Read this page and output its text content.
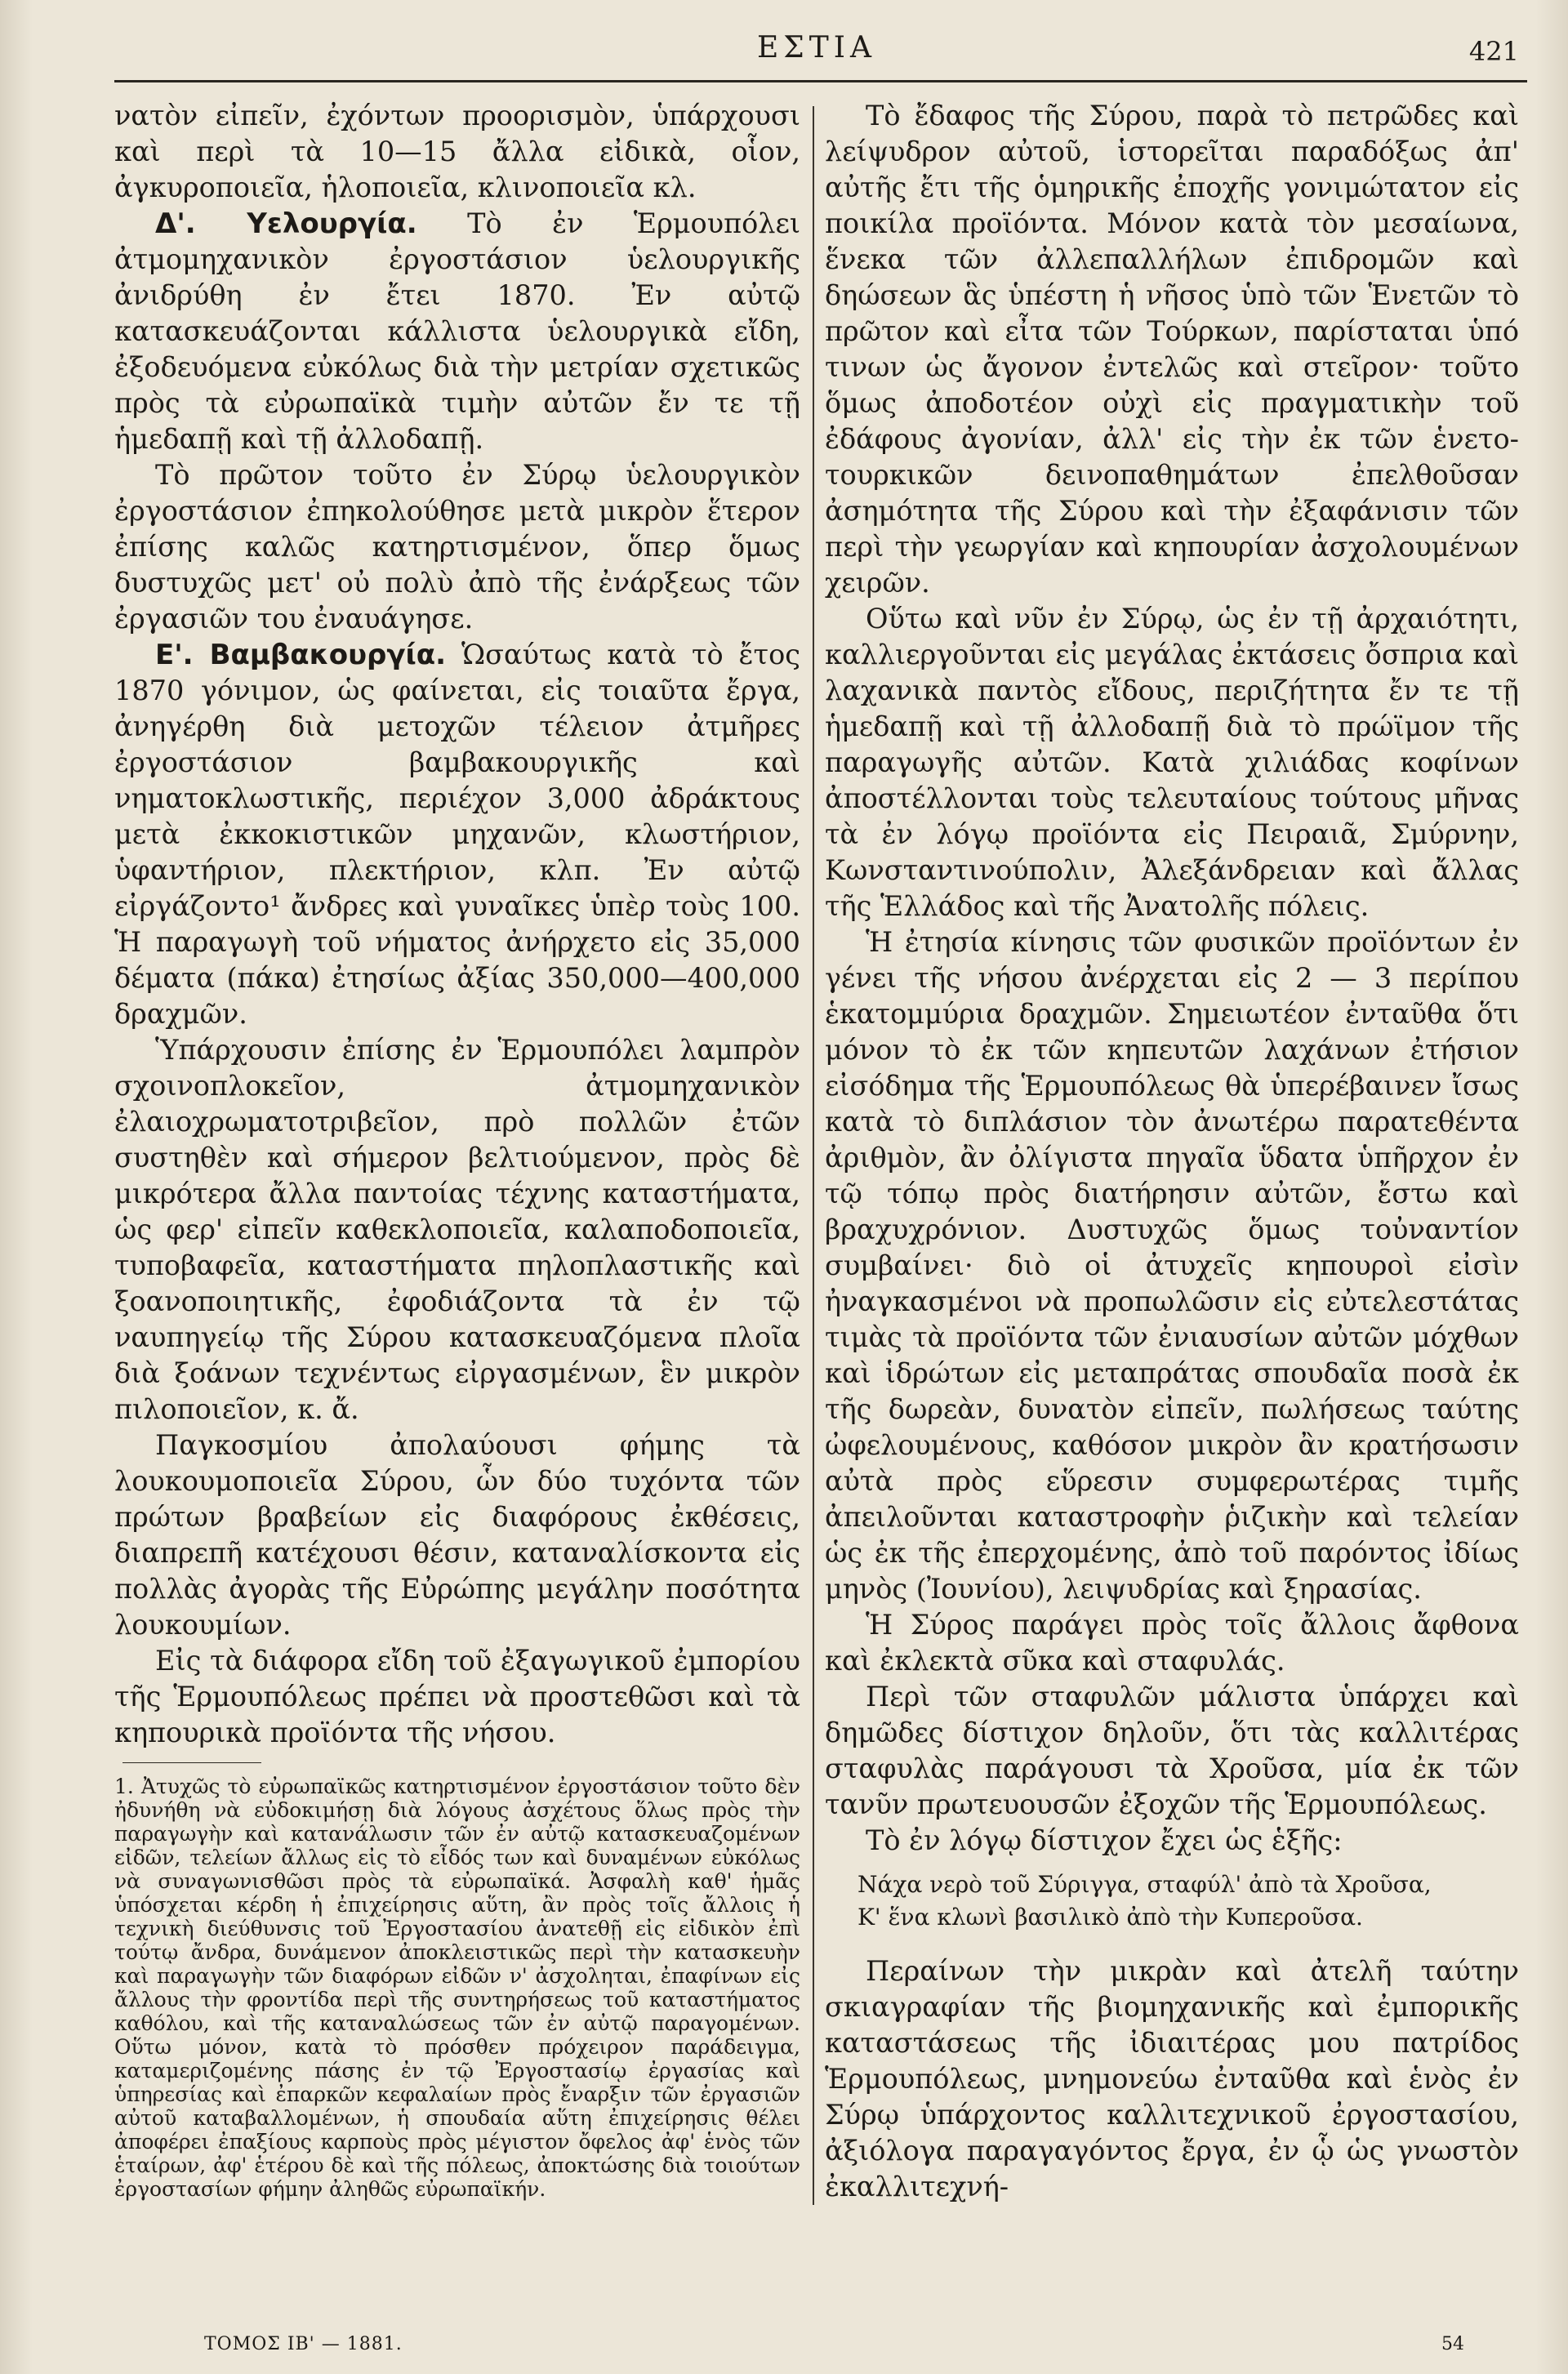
ΕΣΤΙΑ	421

νατὸν εἰπεῖν, ἐχόντων προορισμὸν, ὑπάρχουσι καὶ περὶ τὰ 10—15 ἄλλα εἰδικὰ, οἷον, ἀγκυροποιεῖα, ἡλοποιεῖα, κλινοποιεῖα κλ.

Δ'. Υελουργία. Τὸ ἐν Ἑρμουπόλει ἀτμομηχανικὸν ἐργοστάσιον ὑελουργικῆς ἀνιδρύθη ἐν ἔτει 1870. Ἐν αὐτῷ κατασκευάζονται κάλλιστα ὑελουργικὰ εἴδη, ἐξοδευόμενα εὐκόλως διὰ τὴν μετρίαν σχετικῶς πρὸς τὰ εὐρωπαϊκὰ τιμὴν αὐτῶν ἔν τε τῇ ἡμεδαπῇ καὶ τῇ ἀλλοδαπῇ.

Τὸ πρῶτον τοῦτο ἐν Σύρῳ ὑελουργικὸν ἐργοστάσιον ἐπηκολούθησε μετὰ μικρὸν ἕτερον ἐπίσης καλῶς κατηρτισμένον, ὅπερ ὅμως δυστυχῶς μετ' οὐ πολὺ ἀπὸ τῆς ἐνάρξεως τῶν ἐργασιῶν του ἐναυάγησε.

Ε'. Βαμβακουργία. Ὡσαύτως κατὰ τὸ ἔτος 1870 γόνιμον, ὡς φαίνεται, εἰς τοιαῦτα ἔργα, ἀνηγέρθη διὰ μετοχῶν τέλειον ἀτμῆρες ἐργοστάσιον βαμβακουργικῆς καὶ νηματοκλωστικῆς, περιέχον 3,000 ἀδράκτους μετὰ ἐκκοκιστικῶν μηχανῶν, κλωστήριον, ὑφαντήριον, πλεκτήριον, κλπ. Ἐν αὐτῷ εἰργάζοντο¹ ἄνδρες καὶ γυναῖκες ὑπὲρ τοὺς 100. Ἡ παραγωγὴ τοῦ νήματος ἀνήρχετο εἰς 35,000 δέματα (πάκα) ἐτησίως ἀξίας 350,000—400,000 δραχμῶν.

Ὑπάρχουσιν ἐπίσης ἐν Ἑρμουπόλει λαμπρὸν σχοινοπλοκεῖον, ἀτμομηχανικὸν ἐλαιοχρωματοτριβεῖον, πρὸ πολλῶν ἐτῶν συστηθὲν καὶ σήμερον βελτιούμενον, πρὸς δὲ μικρότερα ἄλλα παντοίας τέχνης καταστήματα, ὡς φερ' εἰπεῖν καθεκλοποιεῖα, καλαποδοποιεῖα, τυποβαφεῖα, καταστήματα πηλοπλαστικῆς καὶ ξοανοποιητικῆς, ἐφοδιάζοντα τὰ ἐν τῷ ναυπηγείῳ τῆς Σύρου κατασκευαζόμενα πλοῖα διὰ ξοάνων τεχνέντως εἰργασμένων, ἓν μικρὸν πιλοποιεῖον, κ. ἄ.

Παγκοσμίου ἀπολαύουσι φήμης τὰ λουκουμοποιεῖα Σύρου, ὧν δύο τυχόντα τῶν πρώτων βραβείων εἰς διαφόρους ἐκθέσεις, διαπρεπῆ κατέχουσι θέσιν, καταναλίσκοντα εἰς πολλὰς ἀγορὰς τῆς Εὐρώπης μεγάλην ποσότητα λουκουμίων.

Εἰς τὰ διάφορα εἴδη τοῦ ἐξαγωγικοῦ ἐμπορίου τῆς Ἑρμουπόλεως πρέπει νὰ προστεθῶσι καὶ τὰ κηπουρικὰ προϊόντα τῆς νήσου.

1. Ἀτυχῶς τὸ εὐρωπαϊκῶς κατηρτισμένον ἐργοστάσιον τοῦτο δὲν ἠδυνήθη νὰ εὐδοκιμήσῃ διὰ λόγους ἀσχέτους ὅλως πρὸς τὴν παραγωγὴν καὶ κατανάλωσιν τῶν ἐν αὐτῷ κατασκευαζομένων εἰδῶν, τελείων ἄλλως εἰς τὸ εἶδός των καὶ δυναμένων εὐκόλως νὰ συναγωνισθῶσι πρὸς τὰ εὐρωπαϊκά. Ἀσφαλὴ καθ' ἡμᾶς ὑπόσχεται κέρδη ἡ ἐπιχείρησις αὕτη, ἂν πρὸς τοῖς ἄλλοις ἡ τεχνικὴ διεύθυνσις τοῦ Ἐργοστασίου ἀνατεθῇ εἰς εἰδικὸν ἐπὶ τούτῳ ἄνδρα, δυνάμενον ἀποκλειστικῶς περὶ τὴν κατασκευὴν καὶ παραγωγὴν τῶν διαφόρων εἰδῶν ν' ἀσχοληται, ἐπαφίνων εἰς ἄλλους τὴν φροντίδα περὶ τῆς συντηρήσεως τοῦ καταστήματος καθόλου, καὶ τῆς καταναλώσεως τῶν ἐν αὐτῷ παραγομένων. Οὕτω μόνον, κατὰ τὸ πρόσθεν πρόχειρον παράδειγμα, καταμεριζομένης πάσης ἐν τῷ Ἐργοστασίῳ ἐργασίας καὶ ὑπηρεσίας καὶ ἐπαρκῶν κεφαλαίων πρὸς ἔναρξιν τῶν ἐργασιῶν αὐτοῦ καταβαλλομένων, ἡ σπουδαία αὕτη ἐπιχείρησις θέλει ἀποφέρει ἐπαξίους καρποὺς πρὸς μέγιστον ὄφελος ἀφ' ἑνὸς τῶν ἑταίρων, ἀφ' ἑτέρου δὲ καὶ τῆς πόλεως, ἀποκτώσης διὰ τοιούτων ἐργοστασίων φήμην ἀληθῶς εὐρωπαϊκήν.

Τὸ ἔδαφος τῆς Σύρου, παρὰ τὸ πετρῶδες καὶ λείψυδρον αὐτοῦ, ἱστορεῖται παραδόξως ἀπ' αὐτῆς ἔτι τῆς ὁμηρικῆς ἐποχῆς γονιμώτατον εἰς ποικίλα προϊόντα. Μόνον κατὰ τὸν μεσαίωνα, ἕνεκα τῶν ἀλλεπαλλήλων ἐπιδρομῶν καὶ δηώσεων ἃς ὑπέστη ἡ νῆσος ὑπὸ τῶν Ἑνετῶν τὸ πρῶτον καὶ εἶτα τῶν Τούρκων, παρίσταται ὑπό τινων ὡς ἄγονον ἐντελῶς καὶ στεῖρον· τοῦτο ὅμως ἀποδοτέον οὐχὶ εἰς πραγματικὴν τοῦ ἐδάφους ἀγονίαν, ἀλλ' εἰς τὴν ἐκ τῶν ἑνετο-τουρκικῶν δεινοπαθημάτων ἐπελθοῦσαν ἀσημότητα τῆς Σύρου καὶ τὴν ἐξαφάνισιν τῶν περὶ τὴν γεωργίαν καὶ κηπουρίαν ἀσχολουμένων χειρῶν.

Οὕτω καὶ νῦν ἐν Σύρῳ, ὡς ἐν τῇ ἀρχαιότητι, καλλιεργοῦνται εἰς μεγάλας ἐκτάσεις ὄσπρια καὶ λαχανικὰ παντὸς εἴδους, περιζήτητα ἔν τε τῇ ἡμεδαπῇ καὶ τῇ ἀλλοδαπῇ διὰ τὸ πρώϊμον τῆς παραγωγῆς αὐτῶν. Κατὰ χιλιάδας κοφίνων ἀποστέλλονται τοὺς τελευταίους τούτους μῆνας τὰ ἐν λόγῳ προϊόντα εἰς Πειραιᾶ, Σμύρνην, Κωνσταντινούπολιν, Ἀλεξάνδρειαν καὶ ἄλλας τῆς Ἑλλάδος καὶ τῆς Ἀνατολῆς πόλεις.

Ἡ ἐτησία κίνησις τῶν φυσικῶν προϊόντων ἐν γένει τῆς νήσου ἀνέρχεται εἰς 2 — 3 περίπου ἑκατομμύρια δραχμῶν. Σημειωτέον ἐνταῦθα ὅτι μόνον τὸ ἐκ τῶν κηπευτῶν λαχάνων ἐτήσιον εἰσόδημα τῆς Ἑρμουπόλεως θὰ ὑπερέβαινεν ἴσως κατὰ τὸ διπλάσιον τὸν ἀνωτέρω παρατεθέντα ἀριθμὸν, ἂν ὀλίγιστα πηγαῖα ὕδατα ὑπῆρχον ἐν τῷ τόπῳ πρὸς διατήρησιν αὐτῶν, ἔστω καὶ βραχυχρόνιον. Δυστυχῶς ὅμως τοὐναντίον συμβαίνει· διὸ οἱ ἀτυχεῖς κηπουροὶ εἰσὶν ἠναγκασμένοι νὰ προπωλῶσιν εἰς εὐτελεστάτας τιμὰς τὰ προϊόντα τῶν ἐνιαυσίων αὐτῶν μόχθων καὶ ἱδρώτων εἰς μεταπράτας σπουδαῖα ποσὰ ἐκ τῆς δωρεὰν, δυνατὸν εἰπεῖν, πωλήσεως ταύτης ὠφελουμένους, καθόσον μικρὸν ἂν κρατήσωσιν αὐτὰ πρὸς εὕρεσιν συμφερωτέρας τιμῆς ἀπειλοῦνται καταστροφὴν ῥιζικὴν καὶ τελείαν ὡς ἐκ τῆς ἐπερχομένης, ἀπὸ τοῦ παρόντος ἰδίως μηνὸς (Ἰουνίου), λειψυδρίας καὶ ξηρασίας.

Ἡ Σύρος παράγει πρὸς τοῖς ἄλλοις ἄφθονα καὶ ἐκλεκτὰ σῦκα καὶ σταφυλάς.

Περὶ τῶν σταφυλῶν μάλιστα ὑπάρχει καὶ δημῶδες δίστιχον δηλοῦν, ὅτι τὰς καλλιτέρας σταφυλὰς παράγουσι τὰ Χροῦσα, μία ἐκ τῶν τανῦν πρωτευουσῶν ἐξοχῶν τῆς Ἑρμουπόλεως.

Τὸ ἐν λόγῳ δίστιχον ἔχει ὡς ἑξῆς:

Νάχα νερὸ τοῦ Σύριγγα, σταφύλ' ἀπὸ τὰ Χροῦσα,
Κ' ἕνα κλωνὶ βασιλικὸ ἀπὸ τὴν Κυπεροῦσα.

Περαίνων τὴν μικρὰν καὶ ἀτελῆ ταύτην σκιαγραφίαν τῆς βιομηχανικῆς καὶ ἐμπορικῆς καταστάσεως τῆς ἰδιαιτέρας μου πατρίδος Ἑρμουπόλεως, μνημονεύω ἐνταῦθα καὶ ἑνὸς ἐν Σύρῳ ὑπάρχοντος καλλιτεχνικοῦ ἐργοστασίου, ἀξιόλογα παραγαγόντος ἔργα, ἐν ᾧ ὡς γνωστὸν ἐκαλλιτεχνή-

ΤΟΜΟΣ ΙΒ' — 1881.	54
